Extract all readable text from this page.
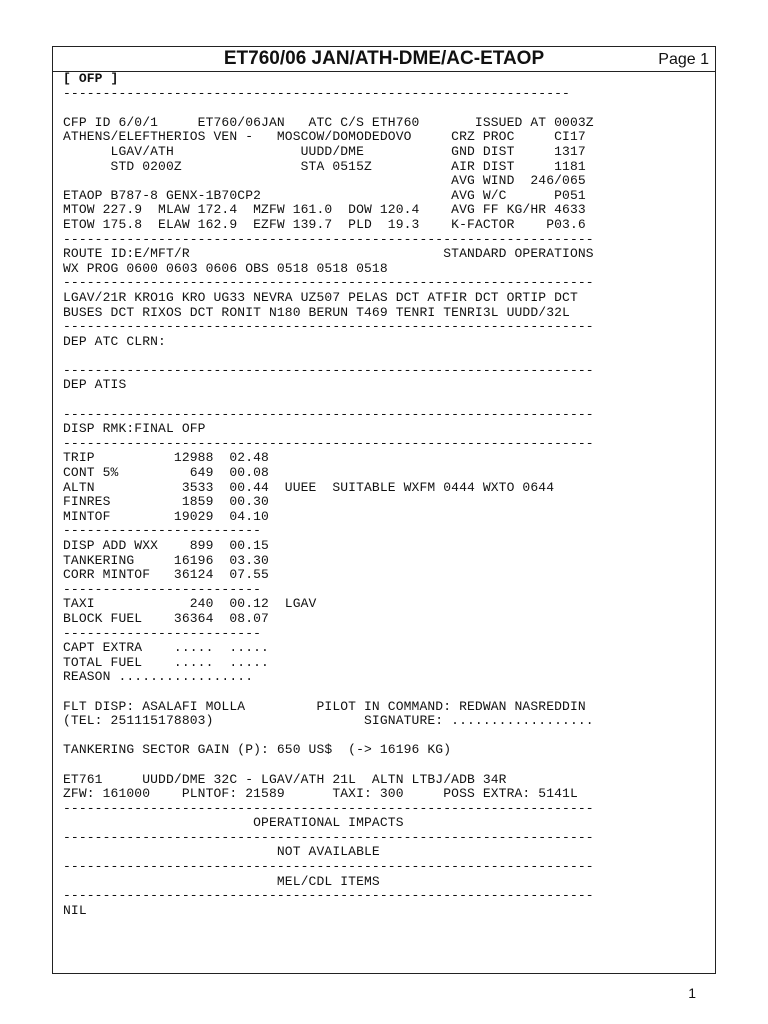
ET760/06 JAN/ATH-DME/AC-ETAOP	Page 1
[ OFP ]
----------------------------------------------------------------
CFP ID 6/0/1     ET760/06JAN   ATC C/S ETH760       ISSUED AT 0003Z
ATHENS/ELEFTHERIOS VEN -   MOSCOW/DOMODEDOVO     CRZ PROC     CI17
LGAV/ATH                UUDD/DME           GND DIST     1317
STD 0200Z               STA 0515Z          AIR DIST     1181
AVG WIND  246/065
ETAOP B787-8 GENX-1B70CP2                        AVG W/C      P051
MTOW 227.9  MLAW 172.4  MZFW 161.0  DOW 120.4    AVG FF KG/HR 4633
ETOW 175.8  ELAW 162.9  EZFW 139.7  PLD  19.3    K-FACTOR    P03.6
-------------------------------------------------------------------
ROUTE ID:E/MFT/R                                STANDARD OPERATIONS
WX PROG 0600 0603 0606 OBS 0518 0518 0518
-------------------------------------------------------------------
LGAV/21R KRO1G KRO UG33 NEVRA UZ507 PELAS DCT ATFIR DCT ORTIP DCT
BUSES DCT RIXOS DCT RONIT N180 BERUN T469 TENRI TENRI3L UUDD/32L
-------------------------------------------------------------------
DEP ATC CLRN:
-------------------------------------------------------------------
DEP ATIS
-------------------------------------------------------------------
DISP RMK:FINAL OFP
-------------------------------------------------------------------
TRIP          12988  02.48
CONT 5%         649  00.08
ALTN           3533  00.44  UUEE  SUITABLE WXFM 0444 WXTO 0644
FINRES         1859  00.30
MINTOF        19029  04.10
-------------------------
DISP ADD WXX    899  00.15
TANKERING     16196  03.30
CORR MINTOF   36124  07.55
-------------------------
TAXI            240  00.12  LGAV
BLOCK FUEL    36364  08.07
-------------------------
CAPT EXTRA    .....  .....
TOTAL FUEL    .....  .....
REASON .................
FLT DISP: ASALAFI MOLLA         PILOT IN COMMAND: REDWAN NASREDDIN
(TEL: 251115178803)                   SIGNATURE: ..................
TANKERING SECTOR GAIN (P): 650 US$  (-> 16196 KG)
ET761     UUDD/DME 32C - LGAV/ATH 21L  ALTN LTBJ/ADB 34R
ZFW: 161000    PLNTOF: 21589      TAXI: 300     POSS EXTRA: 5141L
-------------------------------------------------------------------
OPERATIONAL IMPACTS
-------------------------------------------------------------------
NOT AVAILABLE
-------------------------------------------------------------------
MEL/CDL ITEMS
-------------------------------------------------------------------
NIL
1
